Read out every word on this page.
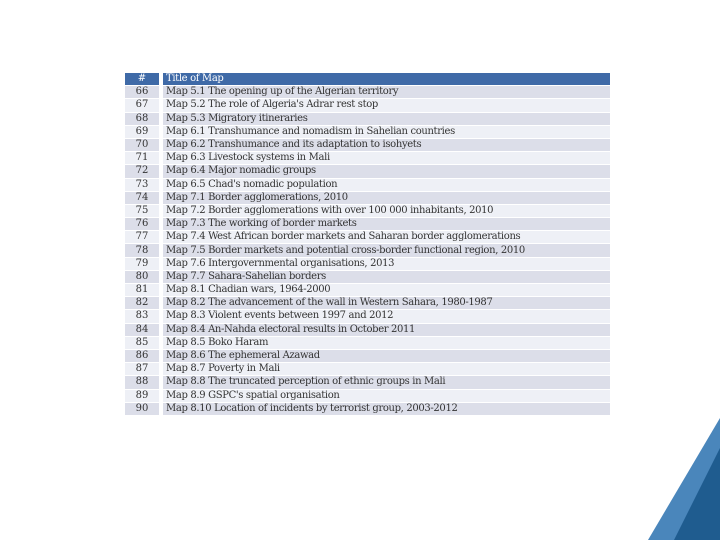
#		Title of Map
66		Map 5.1 The opening up of the Algerian territory
67		Map 5.2 The role of Algeria's Adrar rest stop
68		Map 5.3 Migratory itineraries
69		Map 6.1 Transhumance and nomadism in Sahelian countries
70		Map 6.2 Transhumance and its adaptation to isohyets
71		Map 6.3 Livestock systems in Mali
72		Map 6.4 Major nomadic groups
73		Map 6.5 Chad's nomadic population
74		Map 7.1 Border agglomerations, 2010
75		Map 7.2 Border agglomerations with over 100 000 inhabitants, 2010
76		Map 7.3 The working of border markets
77		Map 7.4 West African border markets and Saharan border agglomerations
78		Map 7.5 Border markets and potential cross-border functional region, 2010
79		Map 7.6 Intergovernmental organisations, 2013
80		Map 7.7 Sahara-Sahelian borders
81		Map 8.1 Chadian wars, 1964-2000
82		Map 8.2 The advancement of the wall in Western Sahara, 1980-1987
83		Map 8.3 Violent events between 1997 and 2012
84		Map 8.4 An-Nahda electoral results in October 2011
85		Map 8.5 Boko Haram
86		Map 8.6 The ephemeral Azawad
87		Map 8.7 Poverty in Mali
88		Map 8.8 The truncated perception of ethnic groups in Mali
89		Map 8.9 GSPC's spatial organisation
90		Map 8.10 Location of incidents by terrorist group, 2003-2012
